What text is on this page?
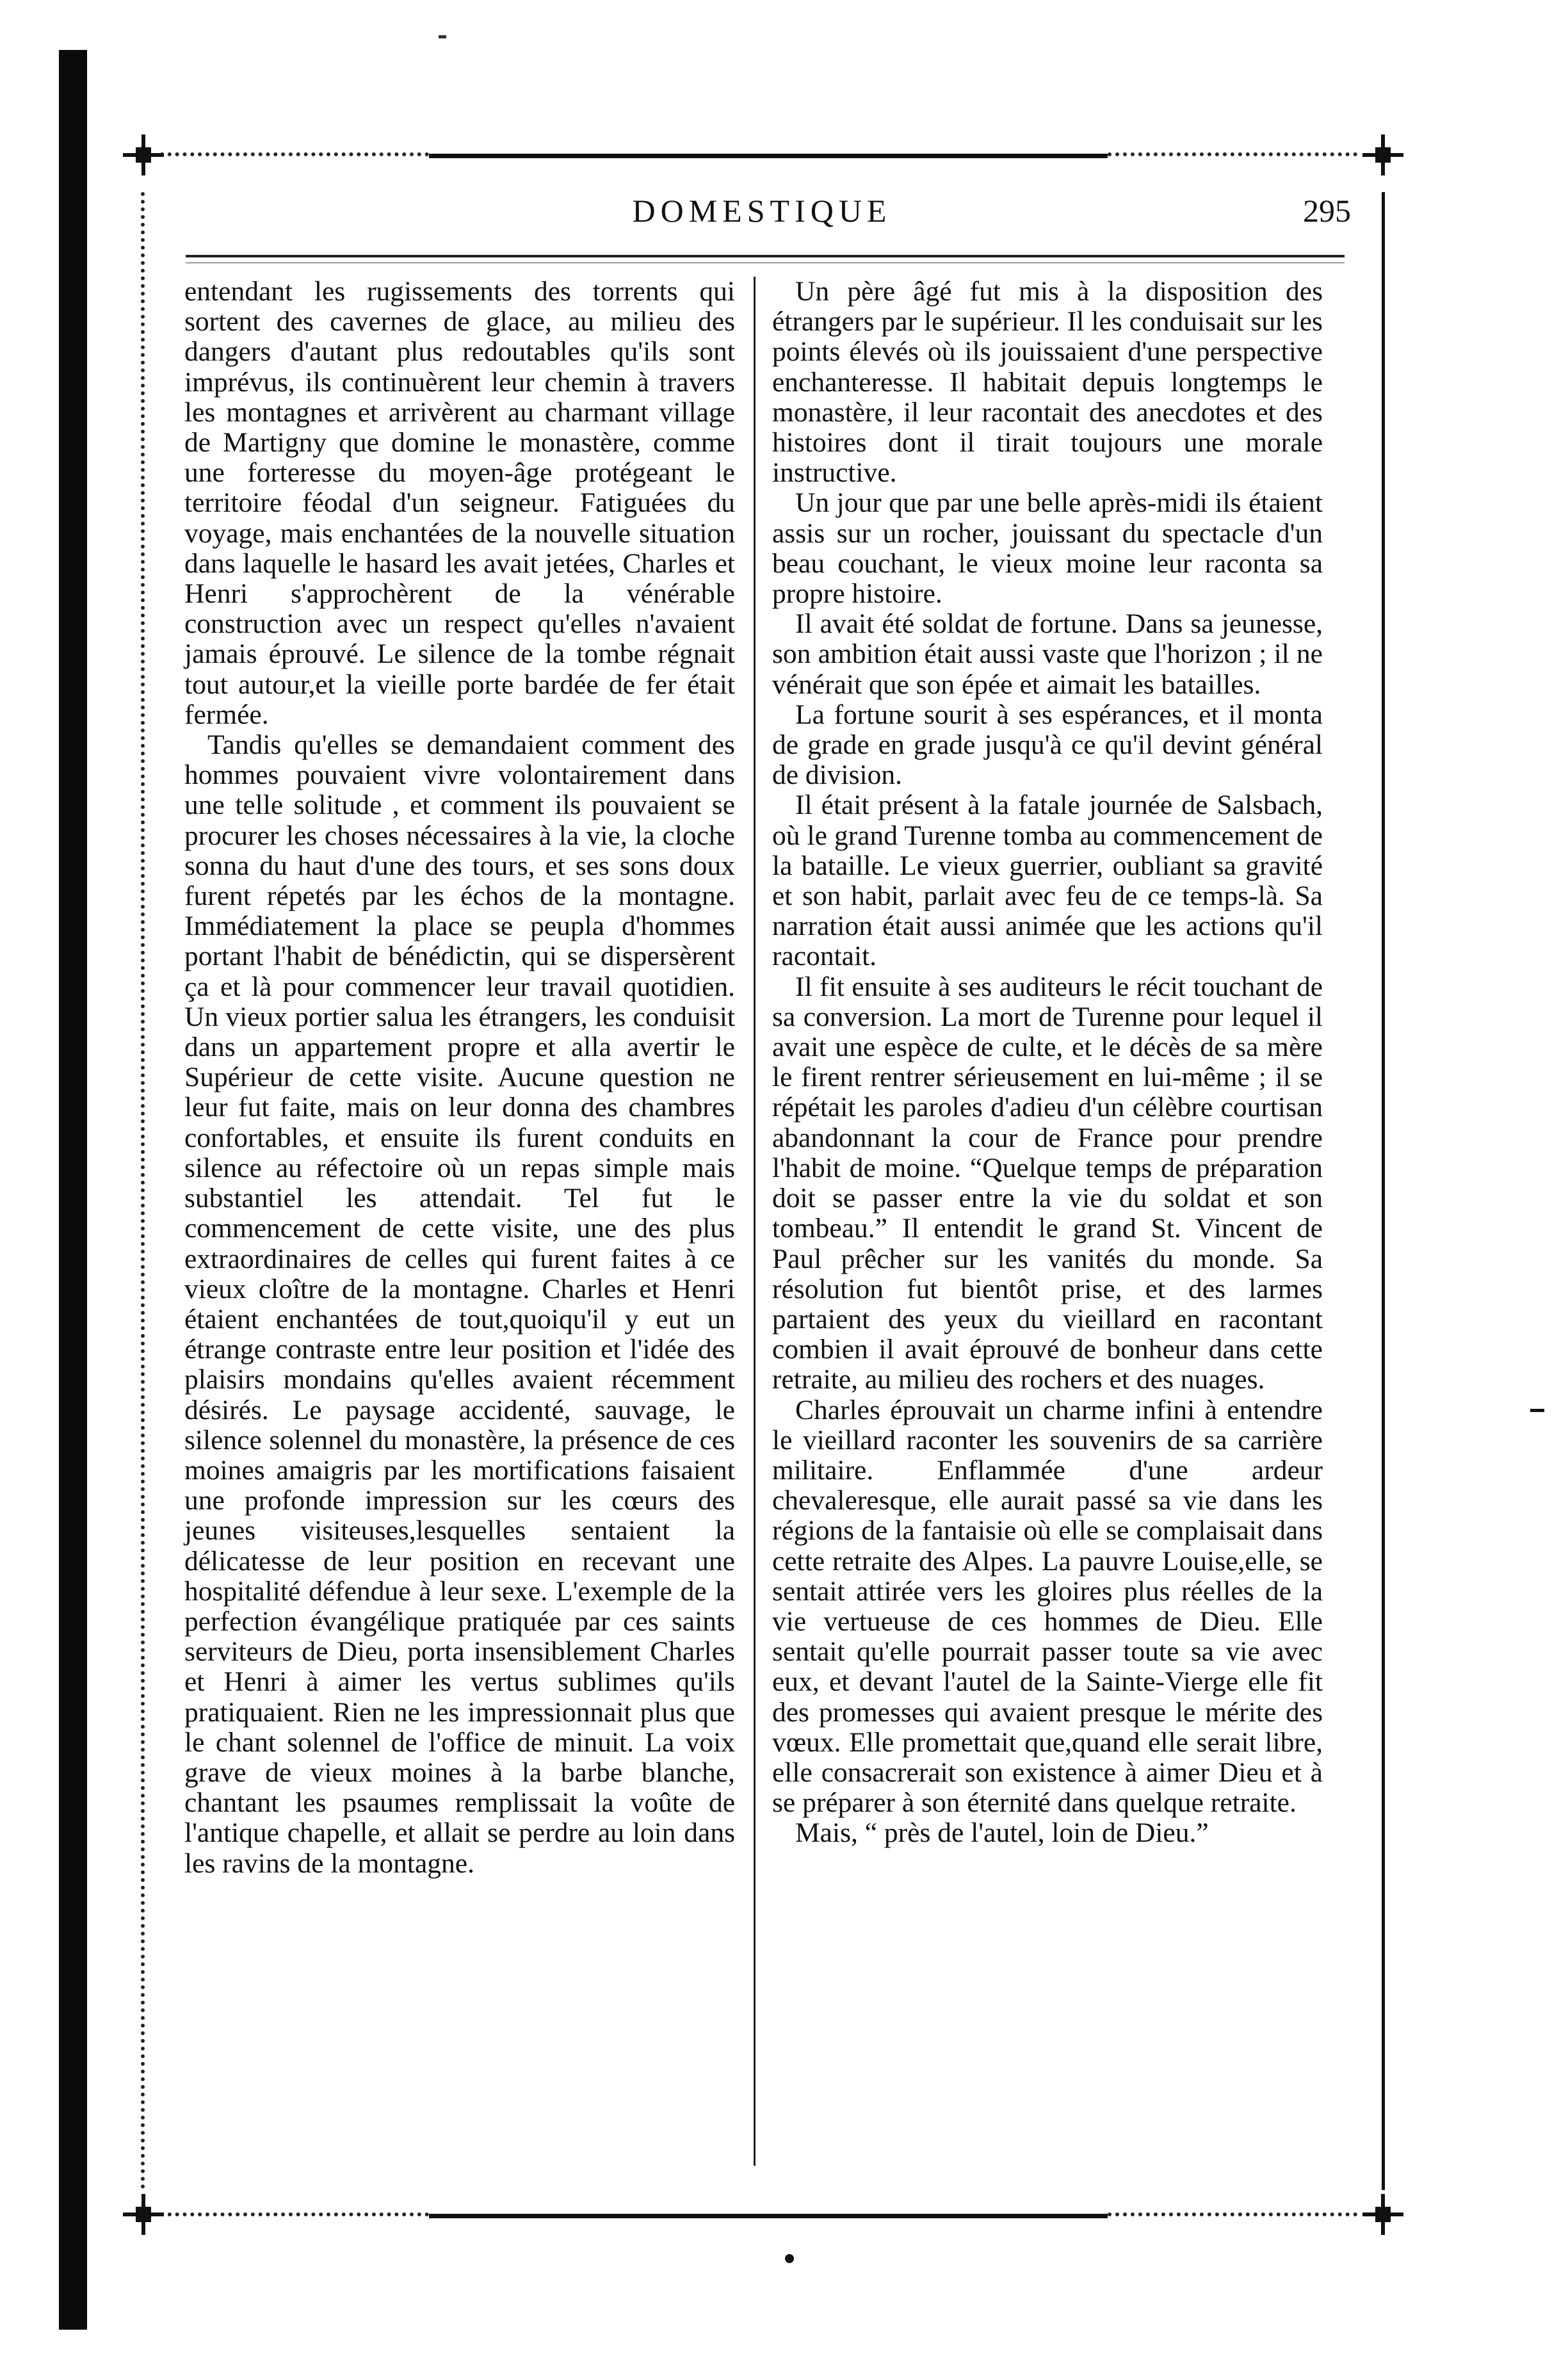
DOMESTIQUE	295

entendant les rugissements des torrents qui sortent des cavernes de glace, au milieu des dangers d'autant plus redoutables qu'ils sont imprévus, ils continuèrent leur chemin à travers les montagnes et arrivèrent au charmant village de Martigny que domine le monastère, comme une forteresse du moyen-âge protégeant le territoire féodal d'un seigneur. Fatiguées du voyage, mais enchantées de la nouvelle situation dans laquelle le hasard les avait jetées, Charles et Henri s'approchèrent de la vénérable construction avec un respect qu'elles n'avaient jamais éprouvé. Le silence de la tombe régnait tout autour,et la vieille porte bardée de fer était fermée.

Tandis qu'elles se demandaient comment des hommes pouvaient vivre volontairement dans une telle solitude , et comment ils pouvaient se procurer les choses nécessaires à la vie, la cloche sonna du haut d'une des tours, et ses sons doux furent répetés par les échos de la montagne. Immédiatement la place se peupla d'hommes portant l'habit de bénédictin, qui se dispersèrent ça et là pour commencer leur travail quotidien. Un vieux portier salua les étrangers, les conduisit dans un appartement propre et alla avertir le Supérieur de cette visite. Aucune question ne leur fut faite, mais on leur donna des chambres confortables, et ensuite ils furent conduits en silence au réfectoire où un repas simple mais substantiel les attendait. Tel fut le commencement de cette visite, une des plus extraordinaires de celles qui furent faites à ce vieux cloître de la montagne. Charles et Henri étaient enchantées de tout,quoiqu'il y eut un étrange contraste entre leur position et l'idée des plaisirs mondains qu'elles avaient récemment désirés. Le paysage accidenté, sauvage, le silence solennel du monastère, la présence de ces moines amaigris par les mortifications faisaient une profonde impression sur les cœurs des jeunes visiteuses,lesquelles sentaient la délicatesse de leur position en recevant une hospitalité défendue à leur sexe. L'exemple de la perfection évangélique pratiquée par ces saints serviteurs de Dieu, porta insensiblement Charles et Henri à aimer les vertus sublimes qu'ils pratiquaient. Rien ne les impressionnait plus que le chant solennel de l'office de minuit. La voix grave de vieux moines à la barbe blanche, chantant les psaumes remplissait la voûte de l'antique chapelle, et allait se perdre au loin dans les ravins de la montagne.

Un père âgé fut mis à la disposition des étrangers par le supérieur. Il les conduisait sur les points élevés où ils jouissaient d'une perspective enchanteresse. Il habitait depuis longtemps le monastère, il leur racontait des anecdotes et des histoires dont il tirait toujours une morale instructive.

Un jour que par une belle après-midi ils étaient assis sur un rocher, jouissant du spectacle d'un beau couchant, le vieux moine leur raconta sa propre histoire.

Il avait été soldat de fortune. Dans sa jeunesse, son ambition était aussi vaste que l'horizon ; il ne vénérait que son épée et aimait les batailles.

La fortune sourit à ses espérances, et il monta de grade en grade jusqu'à ce qu'il devint général de division.

Il était présent à la fatale journée de Salsbach, où le grand Turenne tomba au commencement de la bataille. Le vieux guerrier, oubliant sa gravité et son habit, parlait avec feu de ce temps-là. Sa narration était aussi animée que les actions qu'il racontait.

Il fit ensuite à ses auditeurs le récit touchant de sa conversion. La mort de Turenne pour lequel il avait une espèce de culte, et le décès de sa mère le firent rentrer sérieusement en lui-même ; il se répétait les paroles d'adieu d'un célèbre courtisan abandonnant la cour de France pour prendre l'habit de moine. “Quelque temps de préparation doit se passer entre la vie du soldat et son tombeau.” Il entendit le grand St. Vincent de Paul prêcher sur les vanités du monde. Sa résolution fut bientôt prise, et des larmes partaient des yeux du vieillard en racontant combien il avait éprouvé de bonheur dans cette retraite, au milieu des rochers et des nuages.

Charles éprouvait un charme infini à entendre le vieillard raconter les souvenirs de sa carrière militaire. Enflammée d'une ardeur chevaleresque, elle aurait passé sa vie dans les régions de la fantaisie où elle se complaisait dans cette retraite des Alpes. La pauvre Louise,elle, se sentait attirée vers les gloires plus réelles de la vie vertueuse de ces hommes de Dieu. Elle sentait qu'elle pourrait passer toute sa vie avec eux, et devant l'autel de la Sainte-Vierge elle fit des promesses qui avaient presque le mérite des vœux. Elle promettait que,quand elle serait libre, elle consacrerait son existence à aimer Dieu et à se préparer à son éternité dans quelque retraite.

Mais, “ près de l'autel, loin de Dieu.”
